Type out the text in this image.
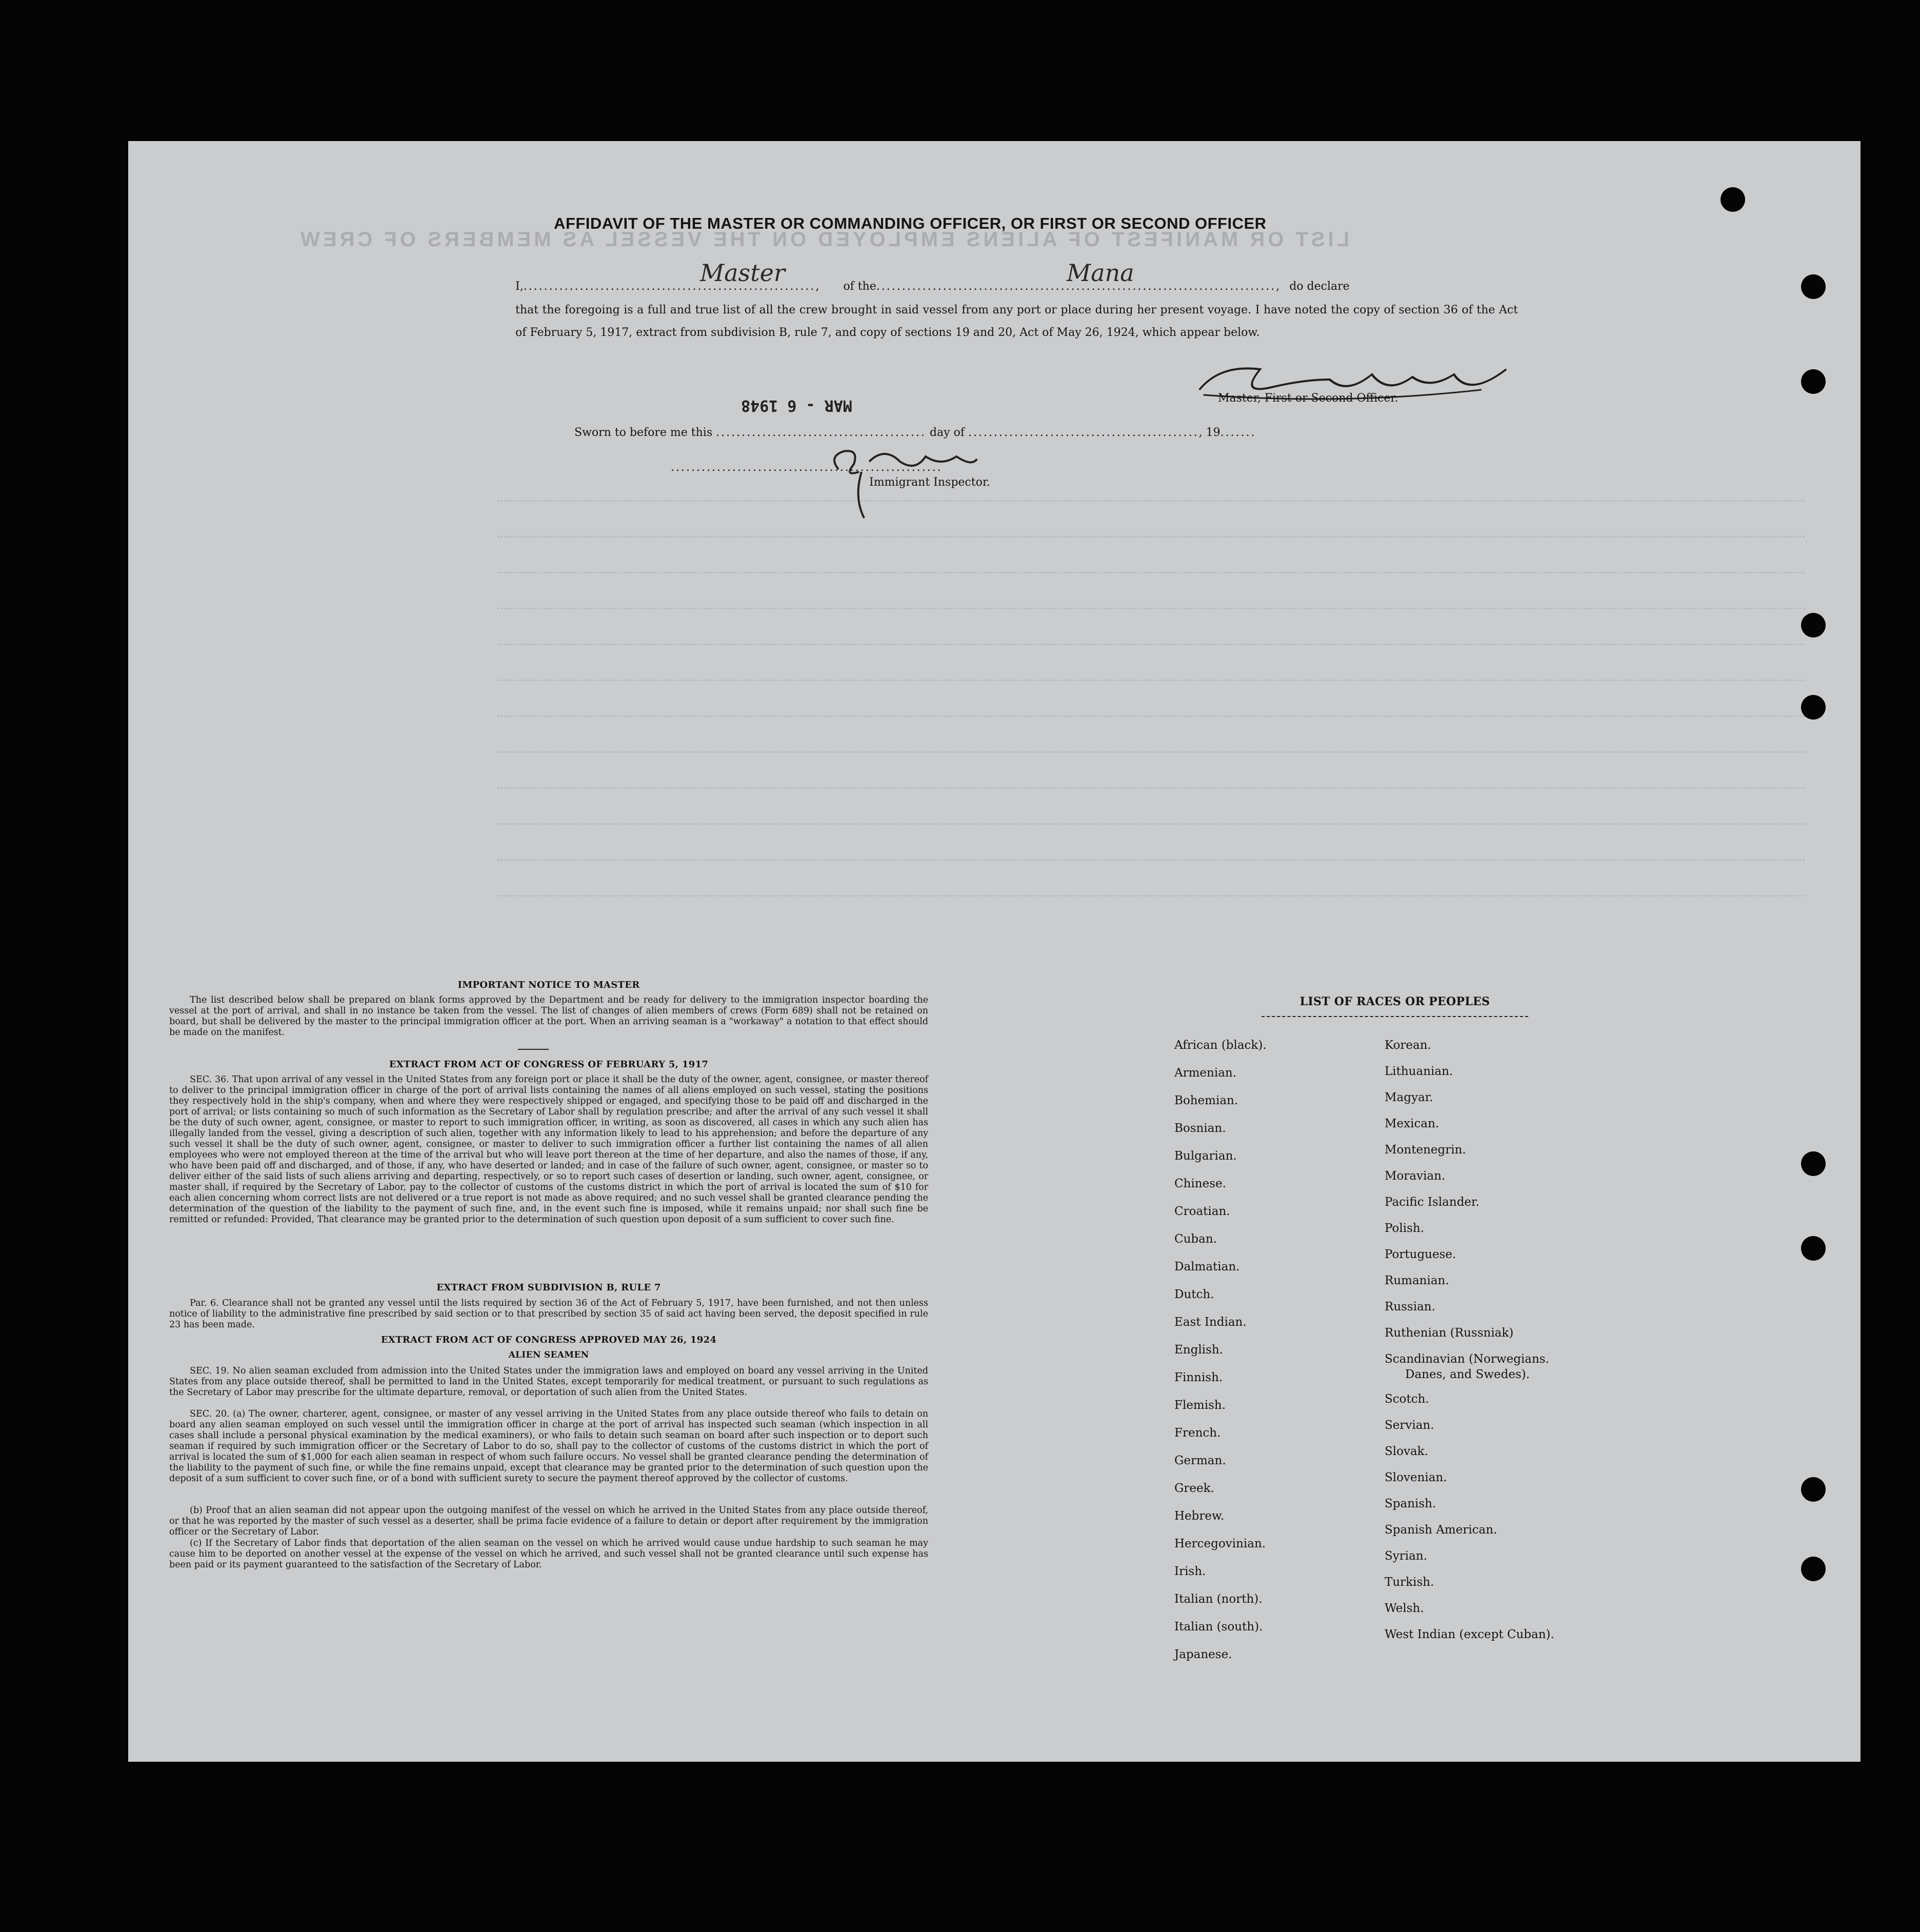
LIST OR MANIFEST OF ALIENS EMPLOYED ON THE VESSEL AS MEMBERS OF CREW
AFFIDAVIT OF THE MASTER OR COMMANDING OFFICER, OR FIRST OR SECOND OFFICER
I,........................................................., of the.............................................................................., do declare
Master	Mana
that the foregoing is a full and true list of all the crew brought in said vessel from any port or place during her present voyage. I have noted the copy of section 36 of the Act of February 5, 1917, extract from subdivision B, rule 7, and copy of sections 19 and 20, Act of May 26, 1924, which appear below.
Master, First or Second Officer.
MAR - 6 1948
Sworn to before me this ......................................... day of ............................................., 19.......
.....................................................
Immigrant Inspector.
IMPORTANT NOTICE TO MASTER
The list described below shall be prepared on blank forms approved by the Department and be ready for delivery to the immigration inspector boarding the vessel at the port of arrival, and shall in no instance be taken from the vessel. The list of changes of alien members of crews (Form 689) shall not be retained on board, but shall be delivered by the master to the principal immigration officer at the port. When an arriving seaman is a "workaway" a notation to that effect should be made on the manifest.
EXTRACT FROM ACT OF CONGRESS OF FEBRUARY 5, 1917
SEC. 36. That upon arrival of any vessel in the United States from any foreign port or place it shall be the duty of the owner, agent, consignee, or master thereof to deliver to the principal immigration officer in charge of the port of arrival lists containing the names of all aliens employed on such vessel, stating the positions they respectively hold in the ship's company, when and where they were respectively shipped or engaged, and specifying those to be paid off and discharged in the port of arrival; or lists containing so much of such information as the Secretary of Labor shall by regulation prescribe; and after the arrival of any such vessel it shall be the duty of such owner, agent, consignee, or master to report to such immigration officer, in writing, as soon as discovered, all cases in which any such alien has illegally landed from the vessel, giving a description of such alien, together with any information likely to lead to his apprehension; and before the departure of any such vessel it shall be the duty of such owner, agent, consignee, or master to deliver to such immigration officer a further list containing the names of all alien employees who were not employed thereon at the time of the arrival but who will leave port thereon at the time of her departure, and also the names of those, if any, who have been paid off and discharged, and of those, if any, who have deserted or landed; and in case of the failure of such owner, agent, consignee, or master so to deliver either of the said lists of such aliens arriving and departing, respectively, or so to report such cases of desertion or landing, such owner, agent, consignee, or master shall, if required by the Secretary of Labor, pay to the collector of customs of the customs district in which the port of arrival is located the sum of $10 for each alien concerning whom correct lists are not delivered or a true report is not made as above required; and no such vessel shall be granted clearance pending the determination of the question of the liability to the payment of such fine, and, in the event such fine is imposed, while it remains unpaid; nor shall such fine be remitted or refunded: Provided, That clearance may be granted prior to the determination of such question upon deposit of a sum sufficient to cover such fine.
EXTRACT FROM SUBDIVISION B, RULE 7
Par. 6. Clearance shall not be granted any vessel until the lists required by section 36 of the Act of February 5, 1917, have been furnished, and not then unless notice of liability to the administrative fine prescribed by said section or to that prescribed by section 35 of said act having been served, the deposit specified in rule 23 has been made.
EXTRACT FROM ACT OF CONGRESS APPROVED MAY 26, 1924
ALIEN SEAMEN
SEC. 19. No alien seaman excluded from admission into the United States under the immigration laws and employed on board any vessel arriving in the United States from any place outside thereof, shall be permitted to land in the United States, except temporarily for medical treatment, or pursuant to such regulations as the Secretary of Labor may prescribe for the ultimate departure, removal, or deportation of such alien from the United States.
SEC. 20. (a) The owner, charterer, agent, consignee, or master of any vessel arriving in the United States from any place outside thereof who fails to detain on board any alien seaman employed on such vessel until the immigration officer in charge at the port of arrival has inspected such seaman (which inspection in all cases shall include a personal physical examination by the medical examiners), or who fails to detain such seaman on board after such inspection or to deport such seaman if required by such immigration officer or the Secretary of Labor to do so, shall pay to the collector of customs of the customs district in which the port of arrival is located the sum of $1,000 for each alien seaman in respect of whom such failure occurs. No vessel shall be granted clearance pending the determination of the liability to the payment of such fine, or while the fine remains unpaid, except that clearance may be granted prior to the determination of such question upon the deposit of a sum sufficient to cover such fine, or of a bond with sufficient surety to secure the payment thereof approved by the collector of customs.
(b) Proof that an alien seaman did not appear upon the outgoing manifest of the vessel on which he arrived in the United States from any place outside thereof, or that he was reported by the master of such vessel as a deserter, shall be prima facie evidence of a failure to detain or deport after requirement by the immigration officer or the Secretary of Labor.
(c) If the Secretary of Labor finds that deportation of the alien seaman on the vessel on which he arrived would cause undue hardship to such seaman he may cause him to be deported on another vessel at the expense of the vessel on which he arrived, and such vessel shall not be granted clearance until such expense has been paid or its payment guaranteed to the satisfaction of the Secretary of Labor.
LIST OF RACES OR PEOPLES
African (black).
Armenian.
Bohemian.
Bosnian.
Bulgarian.
Chinese.
Croatian.
Cuban.
Dalmatian.
Dutch.
East Indian.
English.
Finnish.
Flemish.
French.
German.
Greek.
Hebrew.
Hercegovinian.
Irish.
Italian (north).
Italian (south).
Japanese.
Korean.
Lithuanian.
Magyar.
Mexican.
Montenegrin.
Moravian.
Pacific Islander.
Polish.
Portuguese.
Rumanian.
Russian.
Ruthenian (Russniak)
Scandinavian (Norwegians.
Danes, and Swedes).
Scotch.
Servian.
Slovak.
Slovenian.
Spanish.
Spanish American.
Syrian.
Turkish.
Welsh.
West Indian (except Cuban).
